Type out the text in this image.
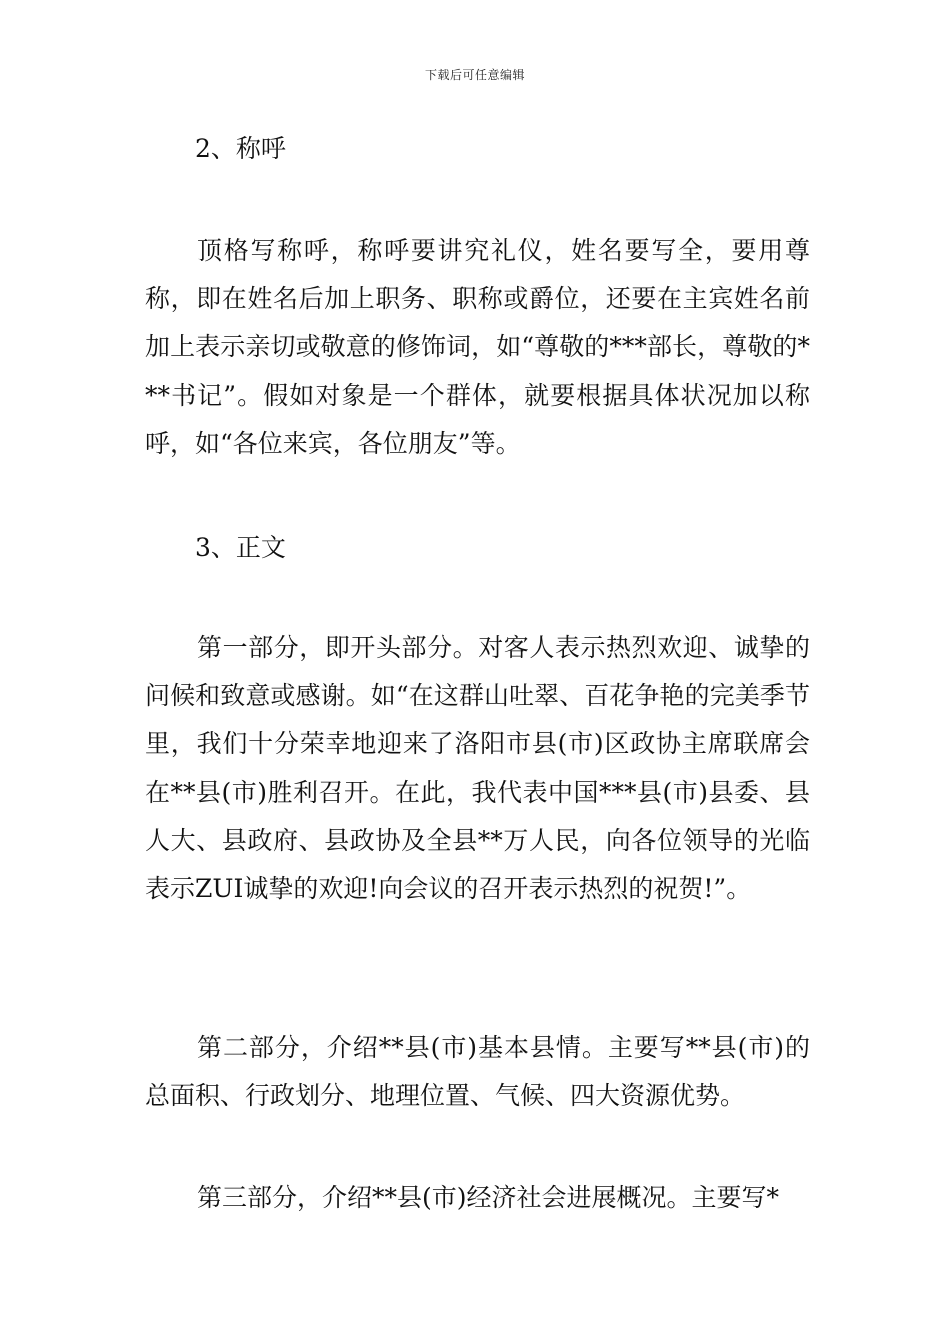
下载后可任意编辑
2、称呼

顶格写称呼，称呼要讲究礼仪，姓名要写全，要用尊称，即在姓名后加上职务、职称或爵位，还要在主宾姓名前加上表示亲切或敬意的修饰词，如“尊敬的***部长，尊敬的***书记”。假如对象是一个群体，就要根据具体状况加以称呼，如“各位来宾，各位朋友”等。

3、正文

第一部分，即开头部分。对客人表示热烈欢迎、诚挚的问候和致意或感谢。如“在这群山吐翠、百花争艳的完美季节里，我们十分荣幸地迎来了洛阳市县(市)区政协主席联席会在**县(市)胜利召开。在此，我代表中国***县(市)县委、县人大、县政府、县政协及全县**万人民，向各位领导的光临表示ZUI诚挚的欢迎!向会议的召开表示热烈的祝贺!”。

第二部分，介绍**县(市)基本县情。主要写**县(市)的总面积、行政划分、地理位置、气候、四大资源优势。

第三部分，介绍**县(市)经济社会进展概况。主要写*
